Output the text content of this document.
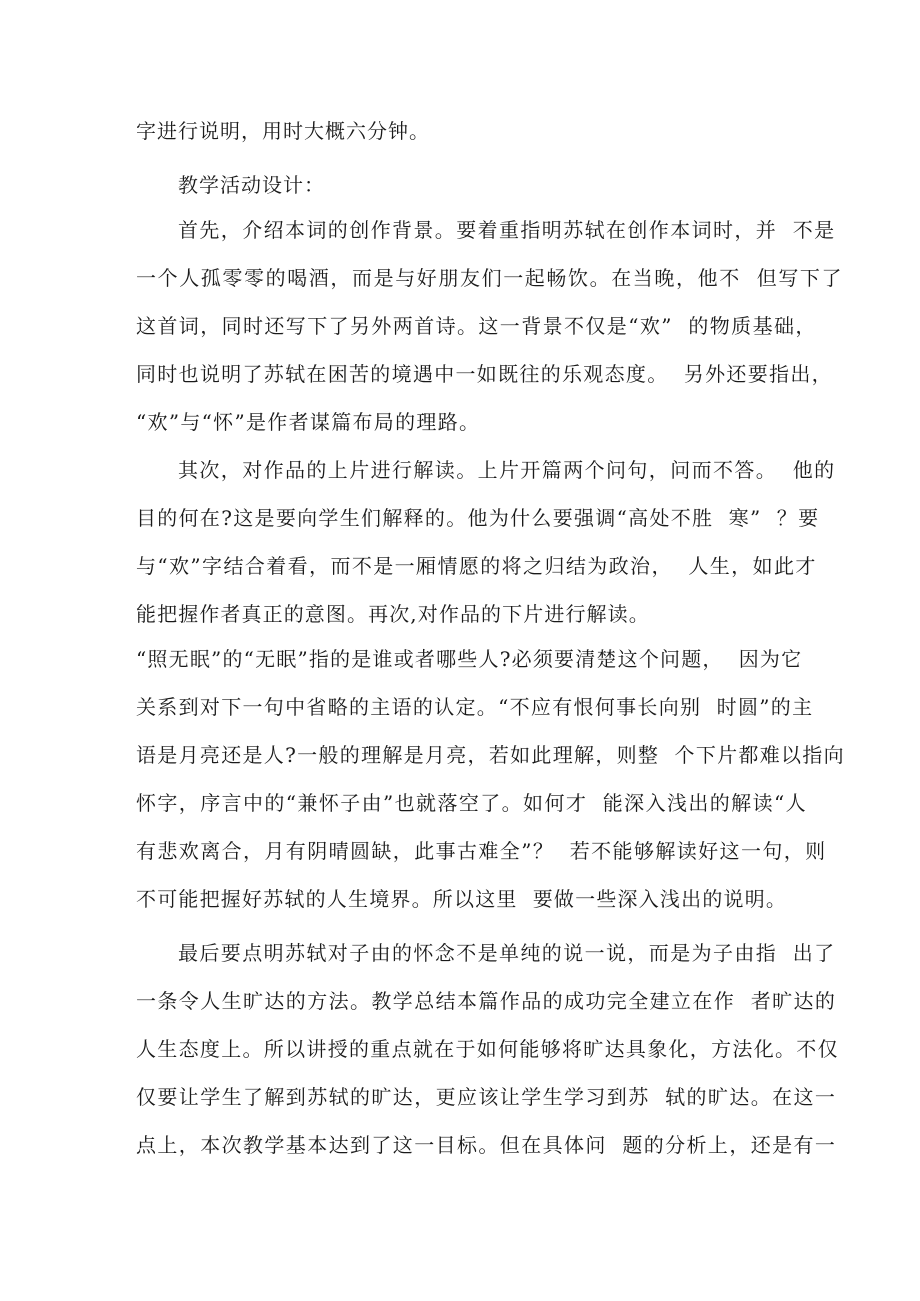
字进行说明，用时大概六分钟。
教学活动设计：
首先，介绍本词的创作背景。要着重指明苏轼在创作本词时，并  不是
一个人孤零零的喝酒，而是与好朋友们一起畅饮。在当晚，他不  但写下了
这首词，同时还写下了另外两首诗。这一背景不仅是“欢”  的物质基础，
同时也说明了苏轼在困苦的境遇中一如既往的乐观态度。  另外还要指出，
“欢”与“怀”是作者谋篇布局的理路。
其次，对作品的上片进行解读。上片开篇两个问句，问而不答。  他的
目的何在?这是要向学生们解释的。他为什么要强调“高处不胜  寒”  ？要
与“欢”字结合着看，而不是一厢情愿的将之归结为政治，  人生，如此才
能把握作者真正的意图。再次,对作品的下片进行解读。
“照无眠”的“无眠”指的是谁或者哪些人?必须要清楚这个问题，  因为它
关系到对下一句中省略的主语的认定。“不应有恨何事长向别  时圆”的主
语是月亮还是人?一般的理解是月亮，若如此理解，则整  个下片都难以指向
怀字，序言中的“兼怀子由”也就落空了。如何才  能深入浅出的解读“人
有悲欢离合，月有阴晴圆缺，此事古难全”？  若不能够解读好这一句，则
不可能把握好苏轼的人生境界。所以这里  要做一些深入浅出的说明。
最后要点明苏轼对子由的怀念不是单纯的说一说，而是为子由指  出了
一条令人生旷达的方法。教学总结本篇作品的成功完全建立在作  者旷达的
人生态度上。所以讲授的重点就在于如何能够将旷达具象化，方法化。不仅
仅要让学生了解到苏轼的旷达，更应该让学生学习到苏  轼的旷达。在这一
点上，本次教学基本达到了这一目标。但在具体问  题的分析上，还是有一
